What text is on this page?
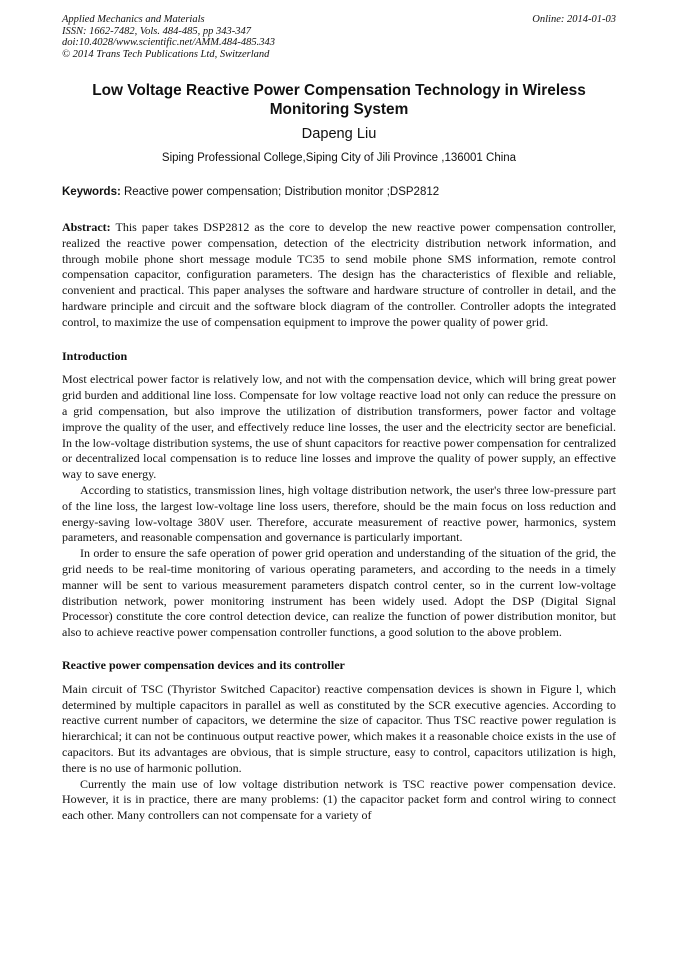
Applied Mechanics and Materials
ISSN: 1662-7482, Vols. 484-485, pp 343-347
doi:10.4028/www.scientific.net/AMM.484-485.343
© 2014 Trans Tech Publications Ltd, Switzerland
Online: 2014-01-03
Low Voltage Reactive Power Compensation Technology in Wireless Monitoring System
Dapeng Liu
Siping Professional College,Siping City of Jili Province ,136001 China
Keywords: Reactive power compensation; Distribution monitor ;DSP2812

Abstract: This paper takes DSP2812 as the core to develop the new reactive power compensation controller, realized the reactive power compensation, detection of the electricity distribution network information, and through mobile phone short message module TC35 to send mobile phone SMS information, remote control compensation capacitor, configuration parameters. The design has the characteristics of flexible and reliable, convenient and practical. This paper analyses the software and hardware structure of controller in detail, and the hardware principle and circuit and the software block diagram of the controller. Controller adopts the integrated control, to maximize the use of compensation equipment to improve the power quality of power grid.

Introduction

Most electrical power factor is relatively low, and not with the compensation device, which will bring great power grid burden and additional line loss. Compensate for low voltage reactive load not only can reduce the pressure on a grid compensation, but also improve the utilization of distribution transformers, power factor and voltage improve the quality of the user, and effectively reduce line losses, the user and the electricity sector are beneficial. In the low-voltage distribution systems, the use of shunt capacitors for reactive power compensation for centralized or decentralized local compensation is to reduce line losses and improve the quality of power supply, an effective way to save energy.

According to statistics, transmission lines, high voltage distribution network, the user's three low-pressure part of the line loss, the largest low-voltage line loss users, therefore, should be the main focus on loss reduction and energy-saving low-voltage 380V user. Therefore, accurate measurement of reactive power, harmonics, system parameters, and reasonable compensation and governance is particularly important.

In order to ensure the safe operation of power grid operation and understanding of the situation of the grid, the grid needs to be real-time monitoring of various operating parameters, and according to the needs in a timely manner will be sent to various measurement parameters dispatch control center, so in the current low-voltage distribution network, power monitoring instrument has been widely used. Adopt the DSP (Digital Signal Processor) constitute the core control detection device, can realize the function of power distribution monitor, but also to achieve reactive power compensation controller functions, a good solution to the above problem.

Reactive power compensation devices and its controller

Main circuit of TSC (Thyristor Switched Capacitor) reactive compensation devices is shown in Figure l, which determined by multiple capacitors in parallel as well as constituted by the SCR executive agencies. According to reactive current number of capacitors, we determine the size of capacitor. Thus TSC reactive power regulation is hierarchical; it can not be continuous output reactive power, which makes it a reasonable choice exists in the use of capacitors. But its advantages are obvious, that is simple structure, easy to control, capacitors utilization is high, there is no use of harmonic pollution.

Currently the main use of low voltage distribution network is TSC reactive power compensation device. However, it is in practice, there are many problems: (1) the capacitor packet form and control wiring to connect each other. Many controllers can not compensate for a variety of
